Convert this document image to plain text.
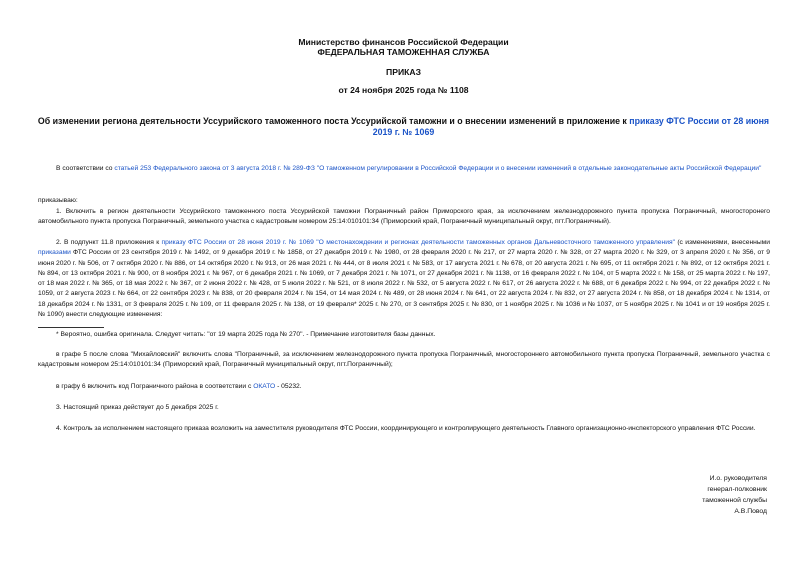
Министерство финансов Российской Федерации
ФЕДЕРАЛЬНАЯ ТАМОЖЕННАЯ СЛУЖБА
ПРИКАЗ
от 24 ноября 2025 года № 1108
Об изменении региона деятельности Уссурийского таможенного поста Уссурийской таможни и о внесении изменений в приложение к приказу ФТС России от 28 июня 2019 г. № 1069
В соответствии со статьей 253 Федерального закона от 3 августа 2018 г. № 289-ФЗ "О таможенном регулировании в Российской Федерации и о внесении изменений в отдельные законодательные акты Российской Федерации"
приказываю:
1. Включить в регион деятельности Уссурийского таможенного поста Уссурийской таможни Пограничный район Приморского края, за исключением железнодорожного пункта пропуска Пограничный, многосторонего автомобильного пункта пропуска Пограничный, земельного участка с кадастровым номером 25:14:010101:34 (Приморский край, Пограничный муниципальный округ, пгт.Пограничный).
2. В подпункт 11.8 приложения к приказу ФТС России от 28 июня 2019 г. № 1069 "О местонахождении и регионах деятельности таможенных органов Дальневосточного таможенного управления" (с изменениями, внесенными приказами ФТС России от 23 сентября 2019 г. № 1492, от 9 декабря 2019 г. № 1858, от 27 декабря 2019 г. № 1980, от 28 февраля 2020 г. № 217, от 27 марта 2020 г. № 328, от 27 марта 2020 г. № 329, от 3 апреля 2020 г. № 356, от 9 июня 2020 г. № 506, от 7 октября 2020 г. № 886, от 14 октября 2020 г. № 913, от 26 мая 2021 г. № 444, от 8 июля 2021 г. № 583, от 17 августа 2021 г. № 678, от 20 августа 2021 г. № 695, от 11 октября 2021 г. № 892, от 12 октября 2021 г. № 894, от 13 октября 2021 г. № 900, от 8 ноября 2021 г. № 967, от 6 декабря 2021 г. № 1069, от 7 декабря 2021 г. № 1071, от 27 декабря 2021 г. № 1138, от 16 февраля 2022 г. № 104, от 5 марта 2022 г. № 158, от 25 марта 2022 г. № 197, от 18 мая 2022 г. № 365, от 18 мая 2022 г. № 367, от 2 июня 2022 г. № 428, от 5 июля 2022 г. № 521, от 8 июля 2022 г. № 532, от 5 августа 2022 г. № 617, от 26 августа 2022 г. № 688, от 6 декабря 2022 г. № 994, от 22 декабря 2022 г. № 1059, от 2 августа 2023 г. № 664, от 22 сентября 2023 г. № 838, от 20 февраля 2024 г. № 154, от 14 мая 2024 г. № 489, от 28 июня 2024 г. № 641, от 22 августа 2024 г. № 832, от 27 августа 2024 г. № 858, от 18 декабря 2024 г. № 1314, от 18 декабря 2024 г. № 1331, от 3 февраля 2025 г. № 109, от 11 февраля 2025 г. № 138, от 19 февраля* 2025 г. № 270, от 3 сентября 2025 г. № 830, от 1 ноября 2025 г. № 1036 и № 1037, от 5 ноября 2025 г. № 1041 и от 19 ноября 2025 г. № 1090) внести следующие изменения:
* Вероятно, ошибка оригинала. Следует читать: "от 19 марта 2025 года № 270". - Примечание изготовителя базы данных.
в графе 5 после слова "Михайловский" включить слова "Пограничный, за исключением железнодорожного пункта пропуска Пограничный, многостороннего автомобильного пункта пропуска Пограничный, земельного участка с кадастровым номером 25:14:010101:34 (Приморский край, Пограничный муниципальный округ, пгт.Пограничный);
в графу 6 включить код Пограничного района в соответствии с ОКАТО - 05232.
3. Настоящий приказ действует до 5 декабря 2025 г.
4. Контроль за исполнением настоящего приказа возложить на заместителя руководителя ФТС России, координирующего и контролирующего деятельность Главного организационно-инспекторского управления ФТС России.
И.о. руководителя
генерал-полковник
таможенной службы
А.В.Повод
